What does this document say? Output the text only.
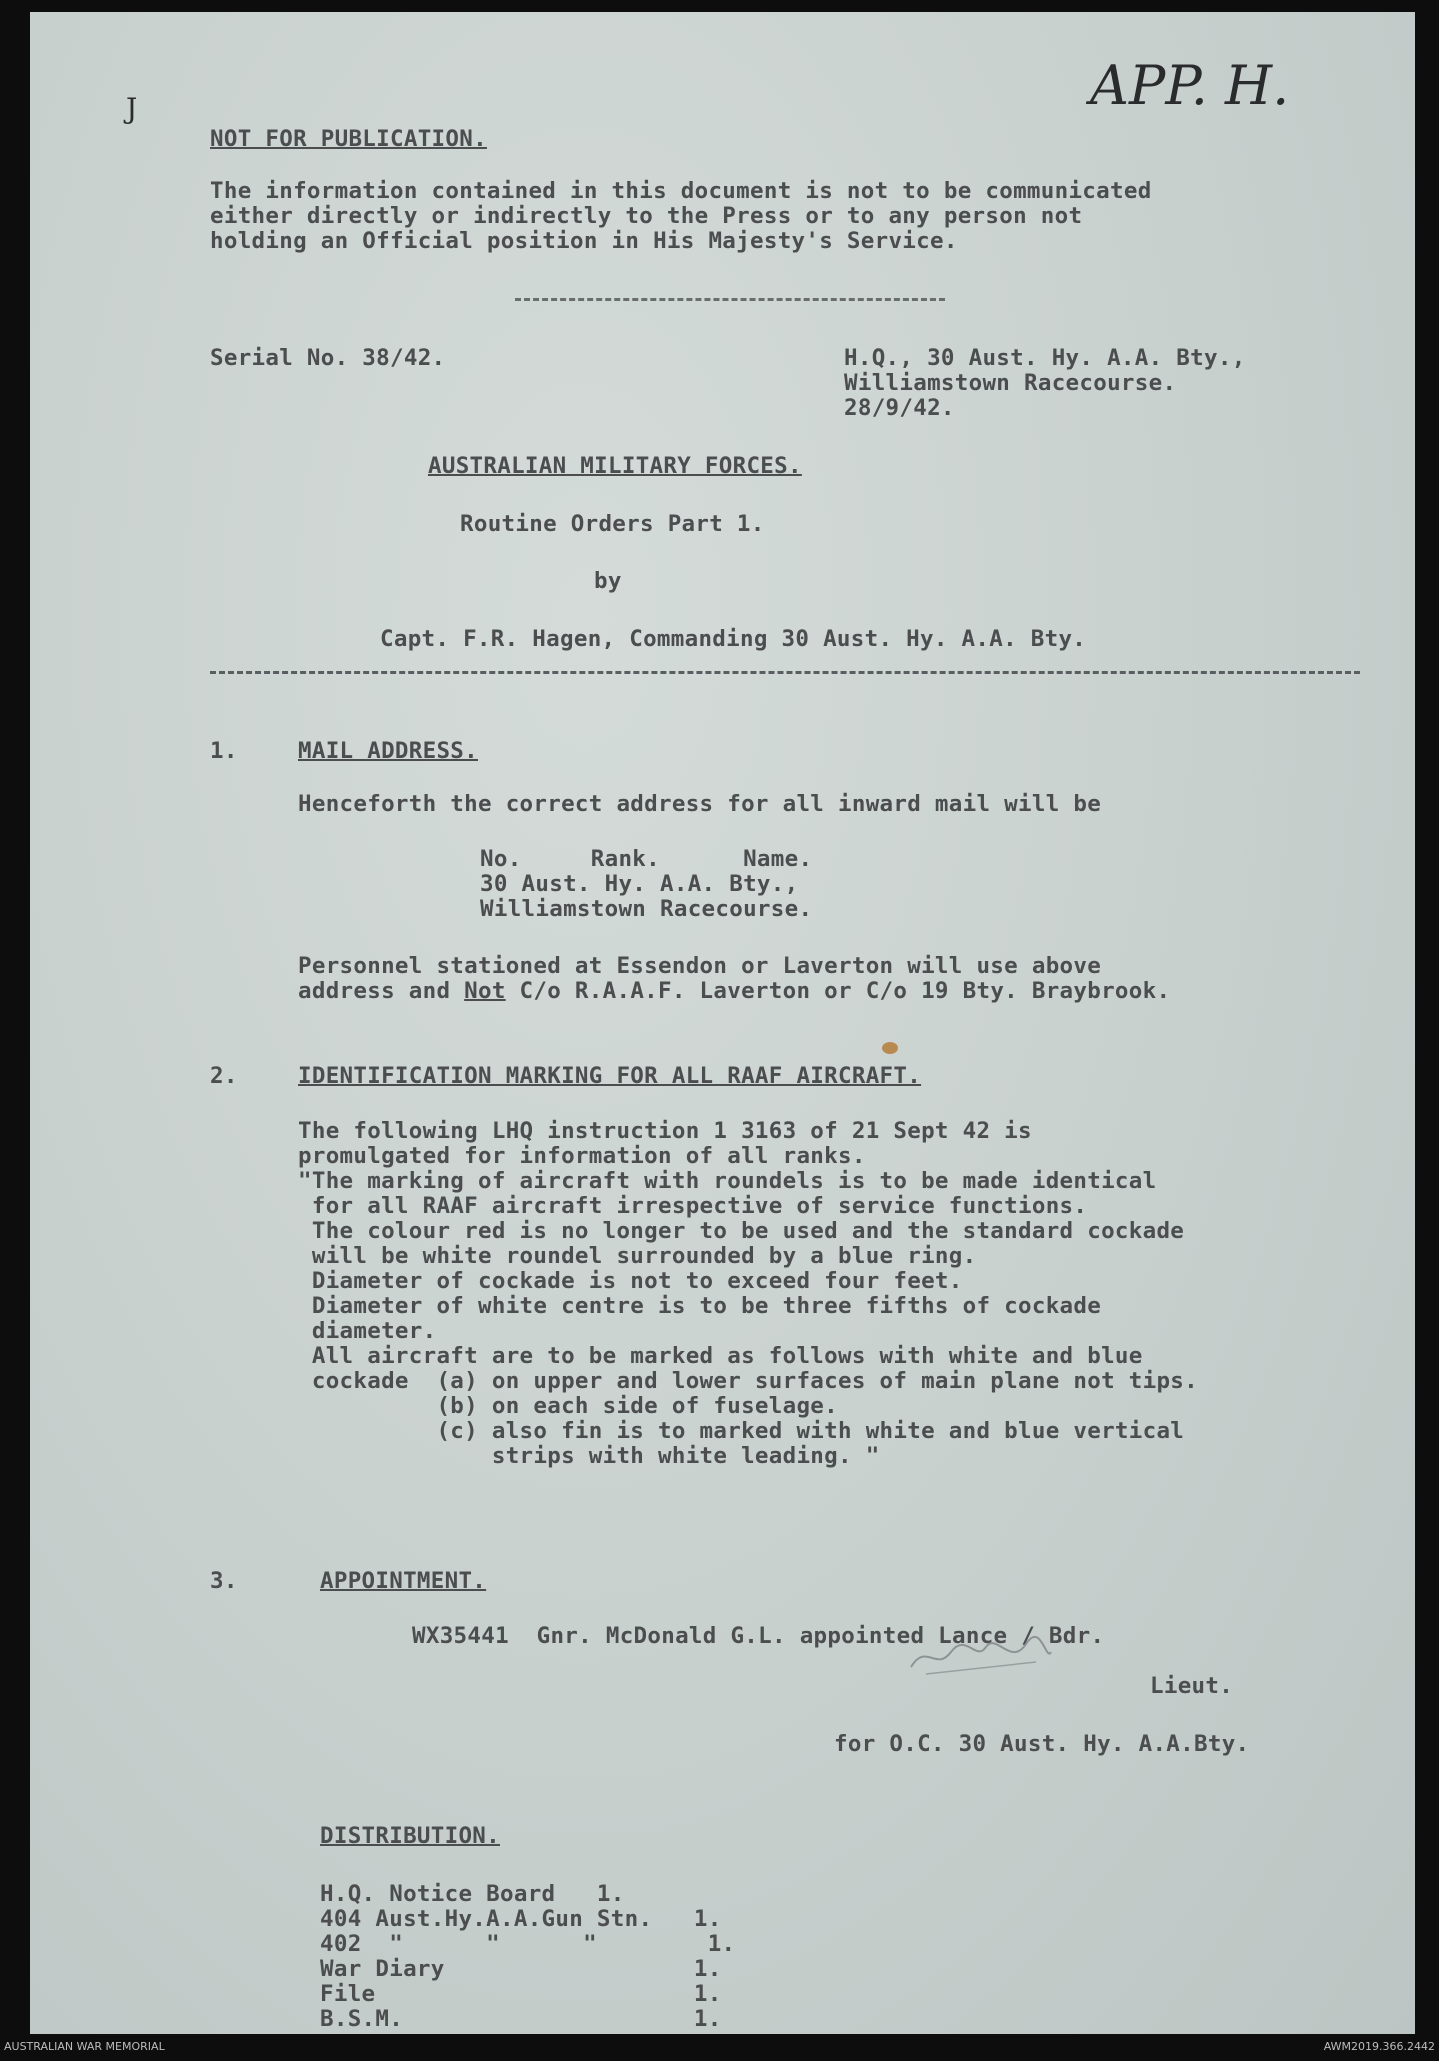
APP. H.
J
NOT FOR PUBLICATION.
The information contained in this document is not to be communicated
either directly or indirectly to the Press or to any person not
holding an Official position in His Majesty's Service.
Serial No. 38/42.	H.Q., 30 Aust. Hy. A.A. Bty.,
Williamstown Racecourse.
28/9/42.
AUSTRALIAN MILITARY FORCES.
Routine Orders Part 1.
by
Capt. F.R. Hagen, Commanding 30 Aust. Hy. A.A. Bty.
1.	MAIL ADDRESS.
Henceforth the correct address for all inward mail will be
No.     Rank.      Name.
30 Aust. Hy. A.A. Bty.,
Williamstown Racecourse.
Personnel stationed at Essendon or Laverton will use above
address and Not C/o R.A.A.F. Laverton or C/o 19 Bty. Braybrook.
2.	IDENTIFICATION MARKING FOR ALL RAAF AIRCRAFT.
The following LHQ instruction 1 3163 of 21 Sept 42 is
promulgated for information of all ranks.
"The marking of aircraft with roundels is to be made identical
for all RAAF aircraft irrespective of service functions.
The colour red is no longer to be used and the standard cockade
will be white roundel surrounded by a blue ring.
Diameter of cockade is not to exceed four feet.
Diameter of white centre is to be three fifths of cockade
diameter.
All aircraft are to be marked as follows with white and blue
cockade  (a) on upper and lower surfaces of main plane not tips.
(b) on each side of fuselage.
(c) also fin is to marked with white and blue vertical
strips with white leading. "
3.	APPOINTMENT.
WX35441  Gnr. McDonald G.L. appointed Lance / Bdr.
Lieut.
for O.C. 30 Aust. Hy. A.A.Bty.
DISTRIBUTION.
H.Q. Notice Board   1.
404 Aust.Hy.A.A.Gun Stn.   1.
402  "      "      "        1.
War Diary                  1.
File                       1.
B.S.M.                     1.
AUSTRALIAN WAR MEMORIAL	AWM2019.366.2442
